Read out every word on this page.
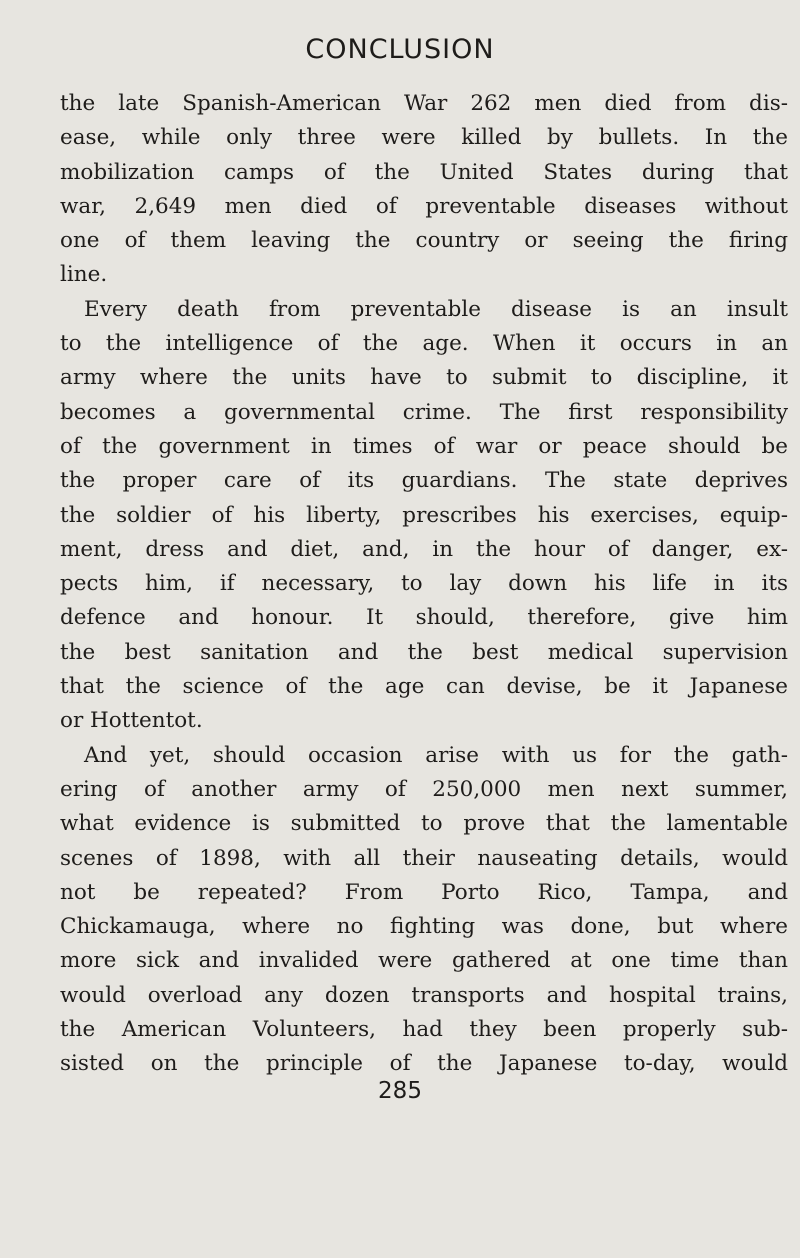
CONCLUSION
the late Spanish-American War 262 men died from dis-
ease, while only three were killed by bullets. In the
mobilization camps of the United States during that
war, 2,649 men died of preventable diseases without
one of them leaving the country or seeing the firing
line.
Every death from preventable disease is an insult
to the intelligence of the age. When it occurs in an
army where the units have to submit to discipline, it
becomes a governmental crime. The first responsibility
of the government in times of war or peace should be
the proper care of its guardians. The state deprives
the soldier of his liberty, prescribes his exercises, equip-
ment, dress and diet, and, in the hour of danger, ex-
pects him, if necessary, to lay down his life in its
defence and honour. It should, therefore, give him
the best sanitation and the best medical supervision
that the science of the age can devise, be it Japanese
or Hottentot.
And yet, should occasion arise with us for the gath-
ering of another army of 250,000 men next summer,
what evidence is submitted to prove that the lamentable
scenes of 1898, with all their nauseating details, would
not be repeated? From Porto Rico, Tampa, and
Chickamauga, where no fighting was done, but where
more sick and invalided were gathered at one time than
would overload any dozen transports and hospital trains,
the American Volunteers, had they been properly sub-
sisted on the principle of the Japanese to-day, would
285
